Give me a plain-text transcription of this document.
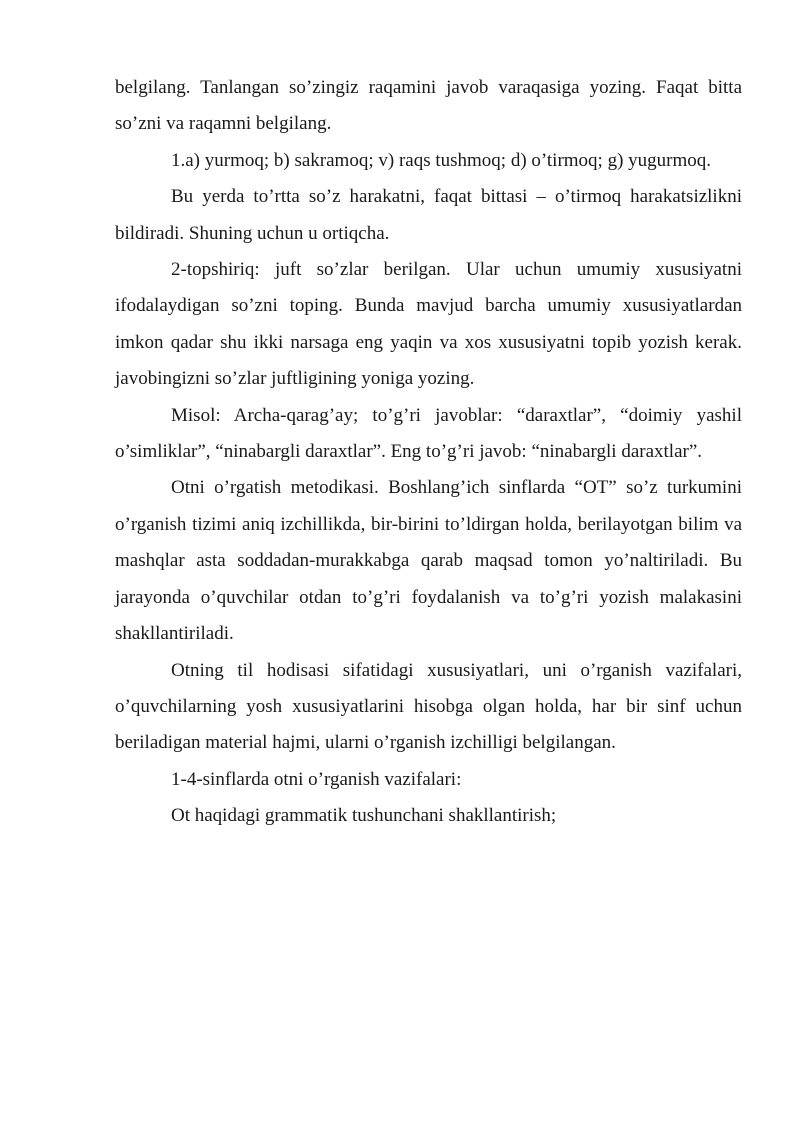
belgilang. Tanlangan so’zingiz raqamini javob varaqasiga yozing. Faqat bitta so’zni va raqamni belgilang.

1.a) yurmoq; b) sakramoq; v) raqs tushmoq; d) o’tirmoq; g) yugurmoq.

Bu yerda to’rtta so’z harakatni, faqat bittasi – o’tirmoq harakatsizlikni bildiradi. Shuning uchun u ortiqcha.

2-topshiriq: juft so’zlar berilgan. Ular uchun umumiy xususiyatni ifodalaydigan so’zni toping. Bunda mavjud barcha umumiy xususiyatlardan imkon qadar shu ikki narsaga eng yaqin va xos xususiyatni topib yozish kerak. javobingizni so’zlar juftligining yoniga yozing.

Misol: Archa-qarag’ay; to’g’ri javoblar: “daraxtlar”, “doimiy yashil o’simliklar”, “ninabargli daraxtlar”. Eng to’g’ri javob: “ninabargli daraxtlar”.

Otni o’rgatish metodikasi. Boshlang’ich sinflarda “OT” so’z turkumini o’rganish tizimi aniq izchillikda, bir-birini to’ldirgan holda, berilayotgan bilim va mashqlar asta soddadan-murakkabga qarab maqsad tomon yo’naltiriladi. Bu jarayonda o’quvchilar otdan to’g’ri foydalanish va to’g’ri yozish malakasini shakllantiriladi.

Otning til hodisasi sifatidagi xususiyatlari, uni o’rganish vazifalari, o’quvchilarning yosh xususiyatlarini hisobga olgan holda, har bir sinf uchun beriladigan material hajmi, ularni o’rganish izchilligi belgilangan.

1-4-sinflarda otni o’rganish vazifalari:

Ot haqidagi grammatik tushunchani shakllantirish;
